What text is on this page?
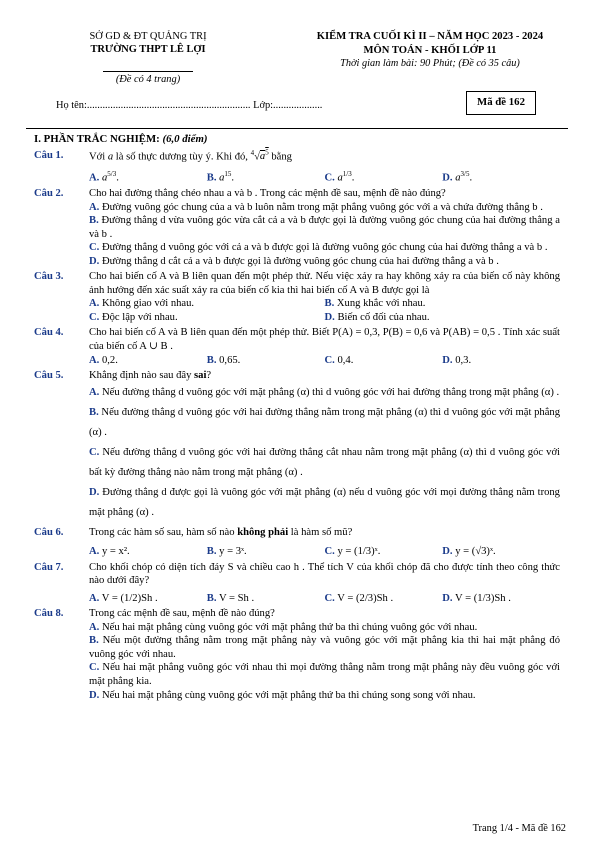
SỞ GD & ĐT QUẢNG TRỊ
TRƯỜNG THPT LÊ LỢI
(Đề có 4 trang)
KIỂM TRA CUỐI KÌ II – NĂM HỌC 2023 - 2024
MÔN TOÁN - KHỐI LỚP 11
Thời gian làm bài: 90 Phút; (Đề có 35 câu)
Họ tên:............................................................... Lớp:...................	Mã đề 162
I. PHẦN TRẮC NGHIỆM: (6,0 điểm)
Câu 1.	Với a là số thực dương tùy ý. Khi đó, $^4√a^5$ bằng
A. $a^{5/3}$.	B. $a^{15}$.	C. $a^{1/3}$.	D. $a^{3/5}$.
Câu 2.	Cho hai đường thẳng chéo nhau a và b . Trong các mệnh đề sau, mệnh đề nào đúng?
A. Đường vuông góc chung của a và b luôn nằm trong mặt phẳng vuông góc với a và chứa đường thẳng b .
B. Đường thẳng d vừa vuông góc vừa cắt cả a và b được gọi là đường vuông góc chung của hai đường thẳng a và b .
C. Đường thẳng d vuông góc với cả a và b được gọi là đường vuông góc chung của hai đường thẳng a và b .
D. Đường thẳng d cắt cả a và b được gọi là đường vuông góc chung của hai đường thẳng a và b .
Câu 3.	Cho hai biến cố A và B liên quan đến một phép thử. Nếu việc xảy ra hay không xảy ra của biến cố này không ảnh hưởng đến xác suất xảy ra của biến cố kia thì hai biến cố A và B được gọi là
A. Không giao với nhau.	B. Xung khắc với nhau.
C. Độc lập với nhau.	D. Biến cố đối của nhau.
Câu 4.	Cho hai biến cố A và B liên quan đến một phép thử. Biết P(A) = 0,3, P(B) = 0,6 và P(AB) = 0,5 . Tính xác suất của biến cố A ∪ B .
A. 0,2.	B. 0,65.	C. 0,4.	D. 0,3.
Câu 5.	Khẳng định nào sau đây sai?
A. Nếu đường thẳng d vuông góc với mặt phẳng (α) thì d vuông góc với hai đường thẳng trong mặt phẳng (α) .
B. Nếu đường thẳng d vuông góc với hai đường thẳng nằm trong mặt phẳng (α) thì d vuông góc với mặt phẳng (α) .
C. Nếu đường thẳng d vuông góc với hai đường thẳng cắt nhau nằm trong mặt phẳng (α) thì d vuông góc với bất kỳ đường thẳng nào nằm trong mặt phẳng (α) .
D. Đường thẳng d được gọi là vuông góc với mặt phẳng (α) nếu d vuông góc với mọi đường thẳng nằm trong mặt phẳng (α) .
Câu 6.	Trong các hàm số sau, hàm số nào không phải là hàm số mũ?
A. y = x².	B. y = 3ˣ.	C. y = (1/3)ˣ.	D. y = (√3)ˣ.
Câu 7.	Cho khối chóp có diện tích đáy S và chiều cao h . Thể tích V của khối chóp đã cho được tính theo công thức nào dưới đây?
A. V = (1/2)Sh .	B. V = Sh .	C. V = (2/3)Sh .	D. V = (1/3)Sh .
Câu 8.	Trong các mệnh đề sau, mệnh đề nào đúng?
A. Nếu hai mặt phẳng cùng vuông góc với mặt phẳng thứ ba thì chúng vuông góc với nhau.
B. Nếu một đường thẳng nằm trong mặt phẳng này và vuông góc với mặt phẳng kia thì hai mặt phẳng đó vuông góc với nhau.
C. Nếu hai mặt phẳng vuông góc với nhau thì mọi đường thẳng nằm trong mặt phẳng này đều vuông góc với mặt phẳng kia.
D. Nếu hai mặt phẳng cùng vuông góc với mặt phẳng thứ ba thì chúng song song với nhau.
Trang 1/4 - Mã đề 162
